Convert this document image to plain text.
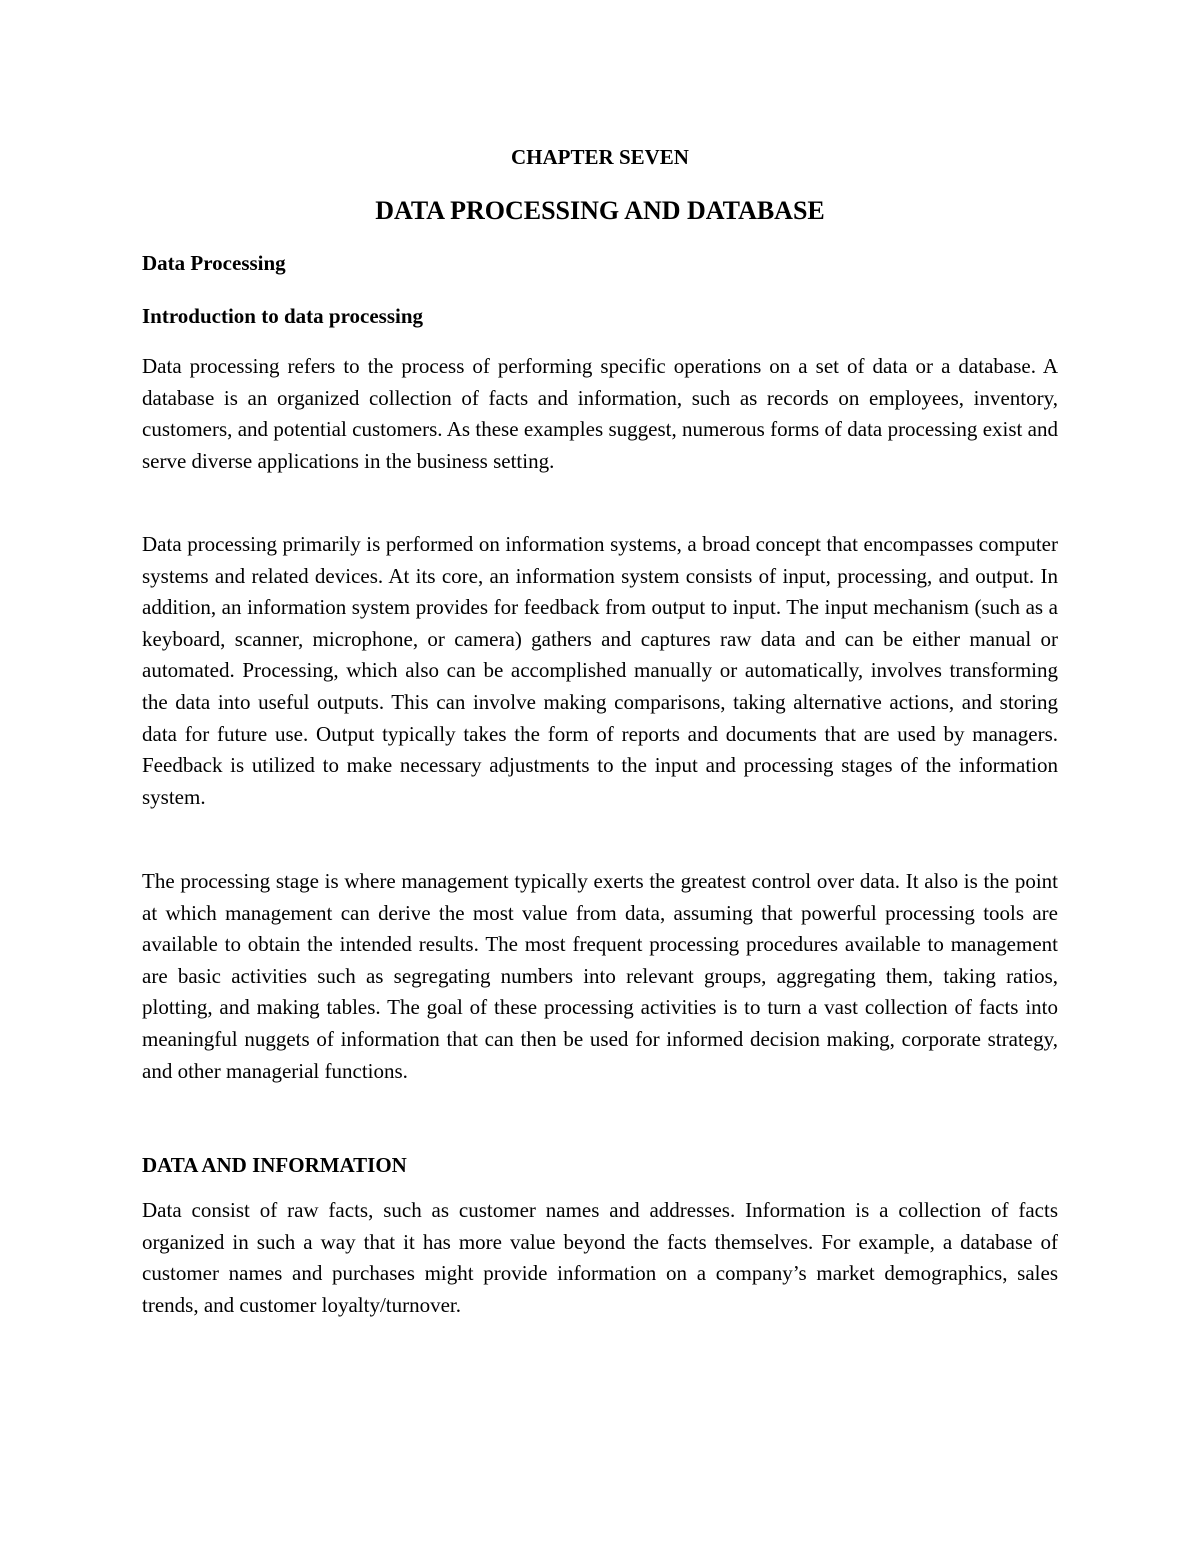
CHAPTER SEVEN

DATA PROCESSING AND DATABASE
Data Processing
Introduction to data processing

Data processing refers to the process of performing specific operations on a set of data or a database. A database is an organized collection of facts and information, such as records on employees, inventory, customers, and potential customers. As these examples suggest, numerous forms of data processing exist and serve diverse applications in the business setting.

Data processing primarily is performed on information systems, a broad concept that encompasses computer systems and related devices. At its core, an information system consists of input, processing, and output. In addition, an information system provides for feedback from output to input. The input mechanism (such as a keyboard, scanner, microphone, or camera) gathers and captures raw data and can be either manual or automated. Processing, which also can be accomplished manually or automatically, involves transforming the data into useful outputs. This can involve making comparisons, taking alternative actions, and storing data for future use. Output typically takes the form of reports and documents that are used by managers. Feedback is utilized to make necessary adjustments to the input and processing stages of the information system.

The processing stage is where management typically exerts the greatest control over data. It also is the point at which management can derive the most value from data, assuming that powerful processing tools are available to obtain the intended results. The most frequent processing procedures available to management are basic activities such as segregating numbers into relevant groups, aggregating them, taking ratios, plotting, and making tables. The goal of these processing activities is to turn a vast collection of facts into meaningful nuggets of information that can then be used for informed decision making, corporate strategy, and other managerial functions.

DATA AND INFORMATION

Data consist of raw facts, such as customer names and addresses. Information is a collection of facts organized in such a way that it has more value beyond the facts themselves. For example, a database of customer names and purchases might provide information on a company’s market demographics, sales trends, and customer loyalty/turnover.
